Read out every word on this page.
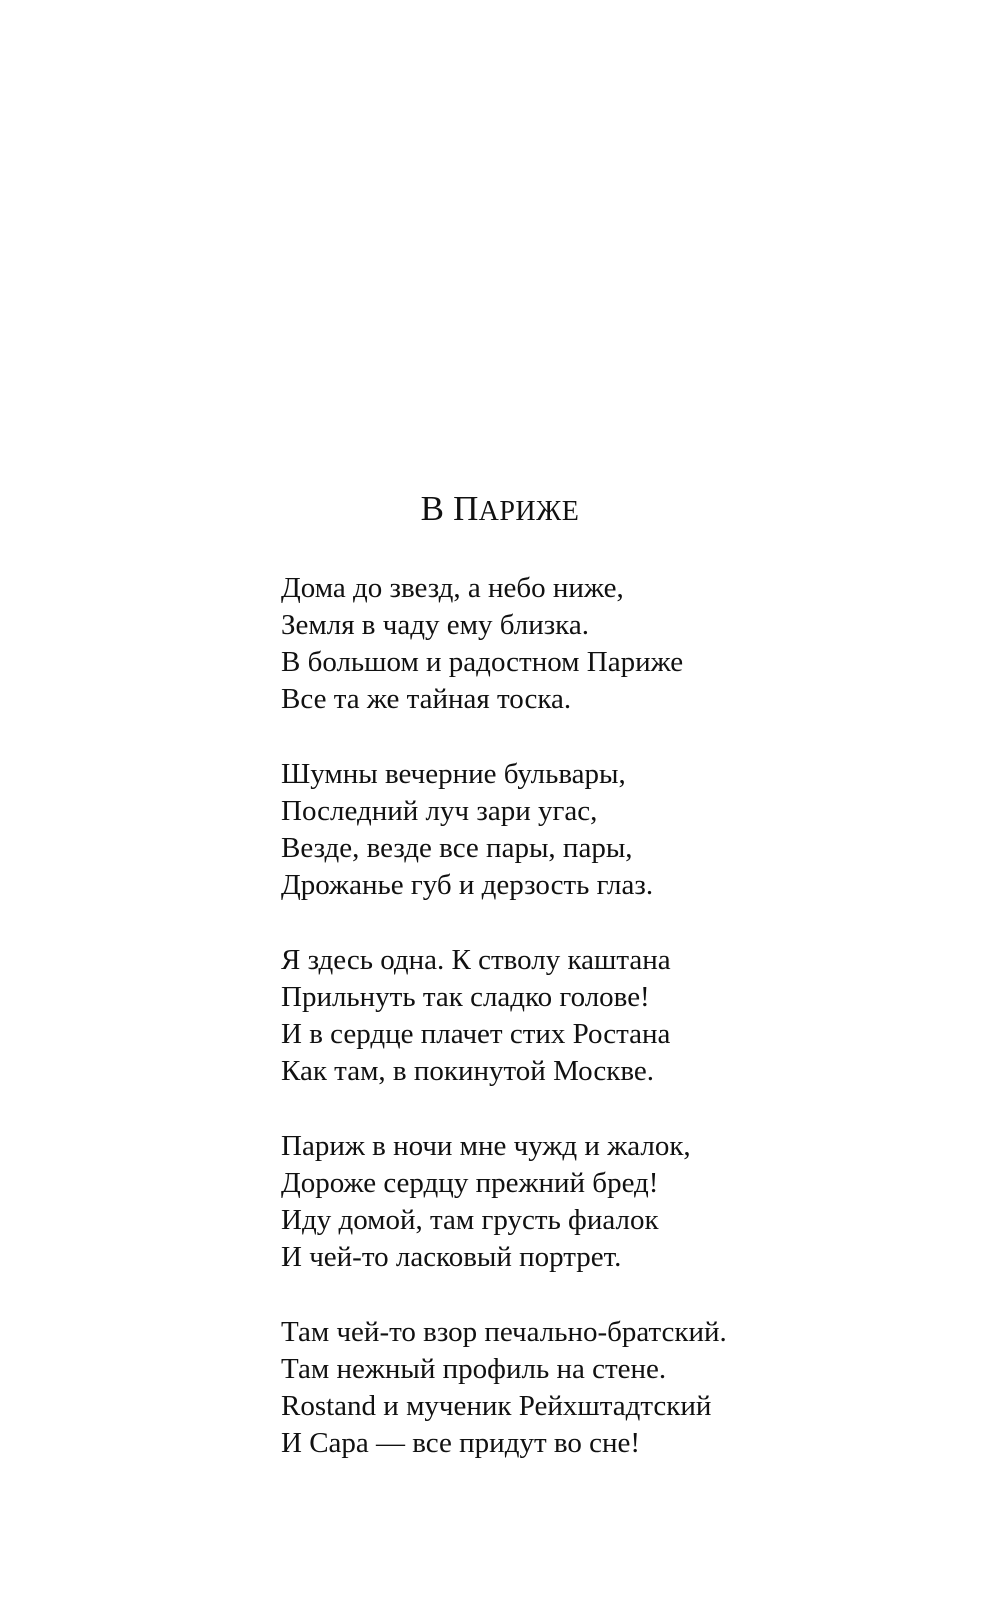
В ПАРИЖЕ
Дома до звезд, а небо ниже,
Земля в чаду ему близка.
В большом и радостном Париже
Все та же тайная тоска.
Шумны вечерние бульвары,
Последний луч зари угас,
Везде, везде все пары, пары,
Дрожанье губ и дерзость глаз.
Я здесь одна. К стволу каштана
Прильнуть так сладко голове!
И в сердце плачет стих Ростана
Как там, в покинутой Москве.
Париж в ночи мне чужд и жалок,
Дороже сердцу прежний бред!
Иду домой, там грусть фиалок
И чей-то ласковый портрет.
Там чей-то взор печально-братский.
Там нежный профиль на стене.
Rostand и мученик Рейхштадтский
И Сара — все придут во сне!
